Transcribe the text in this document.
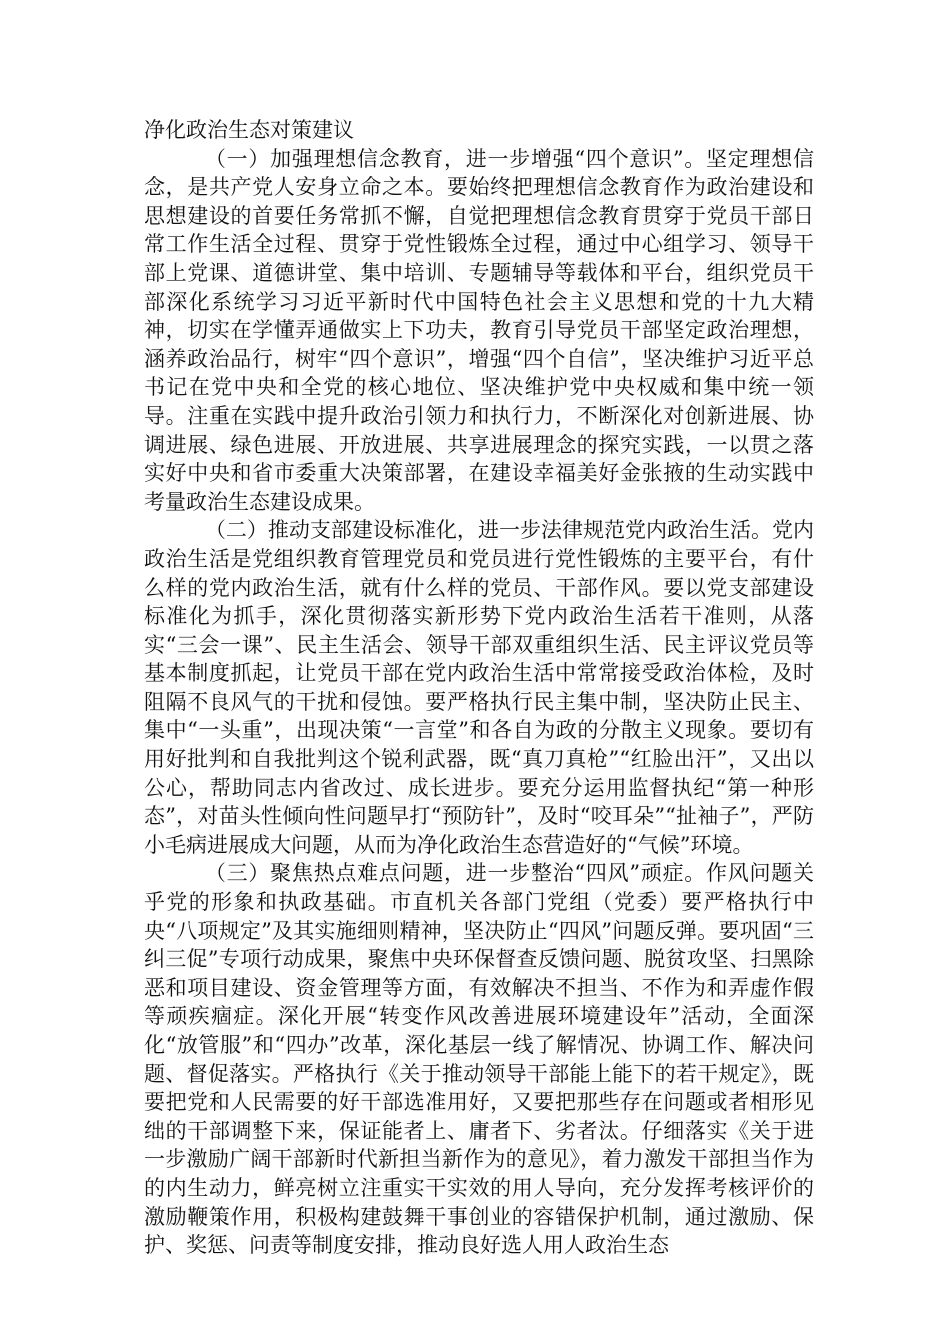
净化政治生态对策建议

（一）加强理想信念教育，进一步增强“四个意识”。坚定理想信念，是共产党人安身立命之本。要始终把理想信念教育作为政治建设和思想建设的首要任务常抓不懈，自觉把理想信念教育贯穿于党员干部日常工作生活全过程、贯穿于党性锻炼全过程，通过中心组学习、领导干部上党课、道德讲堂、集中培训、专题辅导等载体和平台，组织党员干部深化系统学习习近平新时代中国特色社会主义思想和党的十九大精神，切实在学懂弄通做实上下功夫，教育引导党员干部坚定政治理想，涵养政治品行，树牢“四个意识”，增强“四个自信”，坚决维护习近平总书记在党中央和全党的核心地位、坚决维护党中央权威和集中统一领导。注重在实践中提升政治引领力和执行力，不断深化对创新进展、协调进展、绿色进展、开放进展、共享进展理念的探究实践，一以贯之落实好中央和省市委重大决策部署，在建设幸福美好金张掖的生动实践中考量政治生态建设成果。

（二）推动支部建设标准化，进一步法律规范党内政治生活。党内政治生活是党组织教育管理党员和党员进行党性锻炼的主要平台，有什么样的党内政治生活，就有什么样的党员、干部作风。要以党支部建设标准化为抓手，深化贯彻落实新形势下党内政治生活若干准则，从落实“三会一课”、民主生活会、领导干部双重组织生活、民主评议党员等基本制度抓起，让党员干部在党内政治生活中常常接受政治体检，及时阻隔不良风气的干扰和侵蚀。要严格执行民主集中制，坚决防止民主、集中“一头重”，出现决策“一言堂”和各自为政的分散主义现象。要切有用好批判和自我批判这个锐利武器，既“真刀真枪”“红脸出汗”，又出以公心，帮助同志内省改过、成长进步。要充分运用监督执纪“第一种形态”，对苗头性倾向性问题早打“预防针”，及时“咬耳朵”“扯袖子”，严防小毛病进展成大问题，从而为净化政治生态营造好的“气候”环境。

（三）聚焦热点难点问题，进一步整治“四风”顽症。作风问题关乎党的形象和执政基础。市直机关各部门党组（党委）要严格执行中央“八项规定”及其实施细则精神，坚决防止“四风”问题反弹。要巩固“三纠三促”专项行动成果，聚焦中央环保督查反馈问题、脱贫攻坚、扫黑除恶和项目建设、资金管理等方面，有效解决不担当、不作为和弄虚作假等顽疾痼症。深化开展“转变作风改善进展环境建设年”活动，全面深化“放管服”和“四办”改革，深化基层一线了解情况、协调工作、解决问题、督促落实。严格执行《关于推动领导干部能上能下的若干规定》，既要把党和人民需要的好干部选准用好，又要把那些存在问题或者相形见绌的干部调整下来，保证能者上、庸者下、劣者汰。仔细落实《关于进一步激励广阔干部新时代新担当新作为的意见》，着力激发干部担当作为的内生动力，鲜亮树立注重实干实效的用人导向，充分发挥考核评价的激励鞭策作用，积极构建鼓舞干事创业的容错保护机制，通过激励、保护、奖惩、问责等制度安排，推动良好选人用人政治生态
